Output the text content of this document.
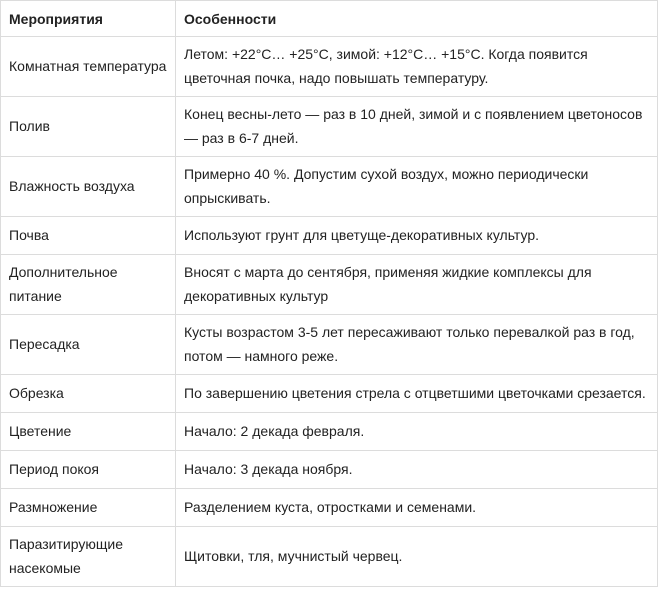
Мероприятия	Особенности
Комнатная температура	Летом: +22°C… +25°C, зимой: +12°C… +15°C. Когда появится цветочная почка, надо повышать температуру.
Полив	Конец весны-лето — раз в 10 дней, зимой и с появлением цветоносов — раз в 6-7 дней.
Влажность воздуха	Примерно 40 %. Допустим сухой воздух, можно периодически опрыскивать.
Почва	Используют грунт для цветуще-декоративных культур.
Дополнительное питание	Вносят с марта до сентября, применяя жидкие комплексы для декоративных культур
Пересадка	Кусты возрастом 3-5 лет пересаживают только перевалкой раз в год, потом — намного реже.
Обрезка	По завершению цветения стрела с отцветшими цветочками срезается.
Цветение	Начало: 2 декада февраля.
Период покоя	Начало: 3 декада ноября.
Размножение	Разделением куста, отростками и семенами.
Паразитирующие насекомые	Щитовки, тля, мучнистый червец.
